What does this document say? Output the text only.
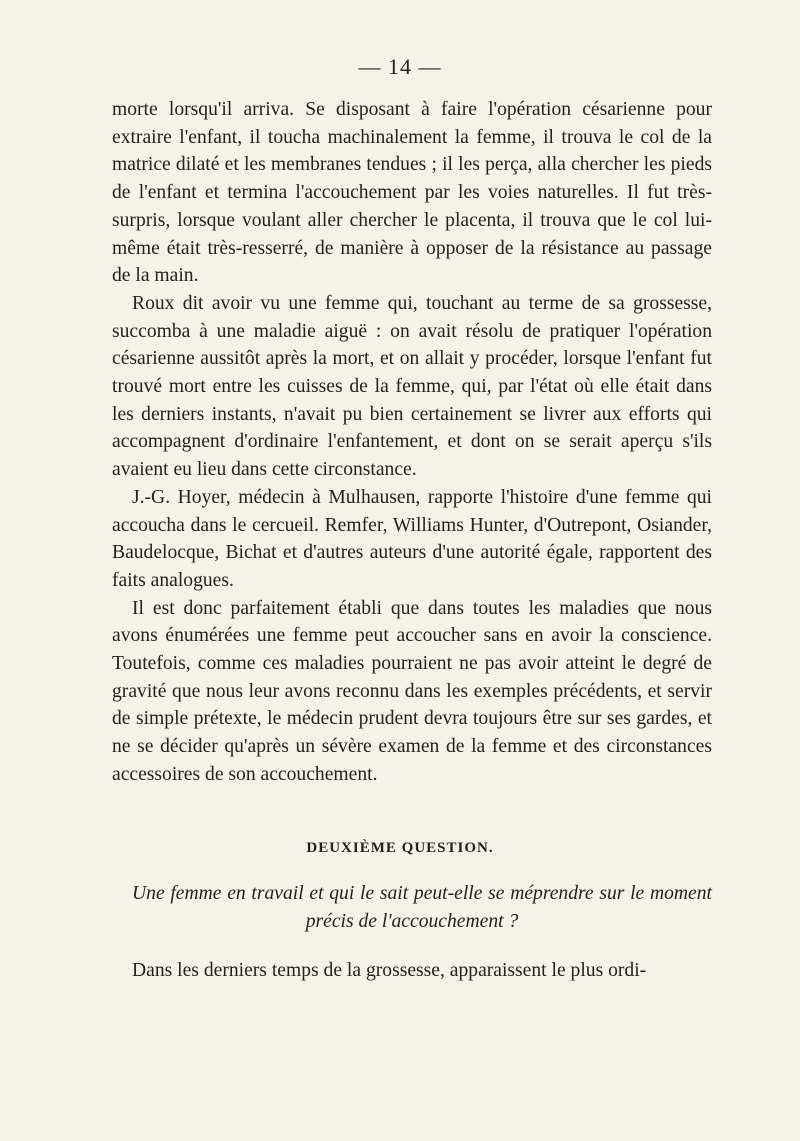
— 14 —

morte lorsqu'il arriva. Se disposant à faire l'opération césarienne pour extraire l'enfant, il toucha machinalement la femme, il trouva le col de la matrice dilaté et les membranes tendues ; il les perça, alla chercher les pieds de l'enfant et termina l'accouchement par les voies naturelles. Il fut très-surpris, lorsque voulant aller chercher le placenta, il trouva que le col lui-même était très-resserré, de manière à opposer de la résistance au passage de la main.

Roux dit avoir vu une femme qui, touchant au terme de sa grossesse, succomba à une maladie aiguë : on avait résolu de pratiquer l'opération césarienne aussitôt après la mort, et on allait y procéder, lorsque l'enfant fut trouvé mort entre les cuisses de la femme, qui, par l'état où elle était dans les derniers instants, n'avait pu bien certainement se livrer aux efforts qui accompagnent d'ordinaire l'enfantement, et dont on se serait aperçu s'ils avaient eu lieu dans cette circonstance.

J.-G. Hoyer, médecin à Mulhausen, rapporte l'histoire d'une femme qui accoucha dans le cercueil. Remfer, Williams Hunter, d'Outrepont, Osiander, Baudelocque, Bichat et d'autres auteurs d'une autorité égale, rapportent des faits analogues.

Il est donc parfaitement établi que dans toutes les maladies que nous avons énumérées une femme peut accoucher sans en avoir la conscience. Toutefois, comme ces maladies pourraient ne pas avoir atteint le degré de gravité que nous leur avons reconnu dans les exemples précédents, et servir de simple prétexte, le médecin prudent devra toujours être sur ses gardes, et ne se décider qu'après un sévère examen de la femme et des circonstances accessoires de son accouchement.

DEUXIÈME QUESTION.

Une femme en travail et qui le sait peut-elle se méprendre sur le moment précis de l'accouchement ?

Dans les derniers temps de la grossesse, apparaissent le plus ordi-
